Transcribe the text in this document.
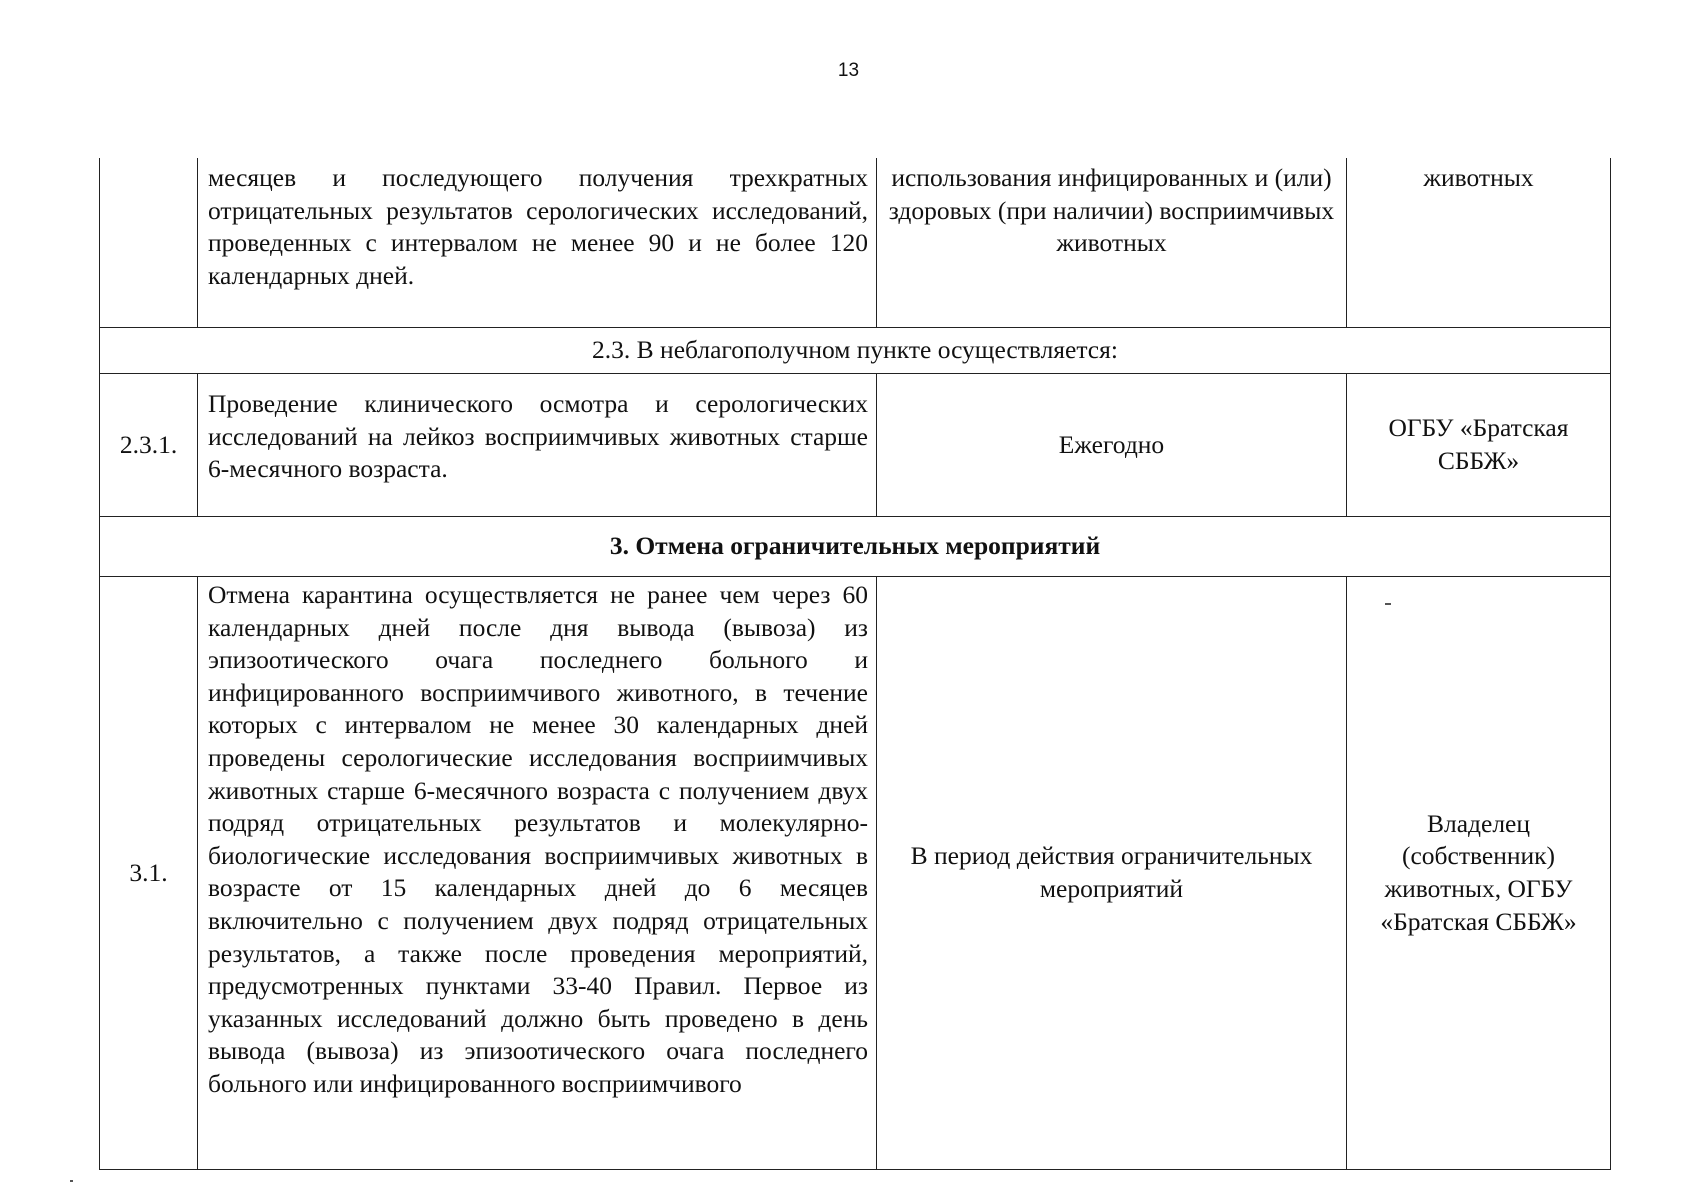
13

	месяцев и последующего получения трехкратных отрицательных результатов серологических исследований, проведенных с интервалом не менее 90 и не более 120 календарных дней.	использования инфицированных и (или) здоровых (при наличии) восприимчивых животных	животных
2.3. В неблагополучном пункте осуществляется:			
2.3.1.	Проведение клинического осмотра и серологических исследований на лейкоз восприимчивых животных старше 6-месячного возраста.	Ежегодно	ОГБУ «Братская СББЖ»
3. Отмена ограничительных мероприятий			
3.1.	Отмена карантина осуществляется не ранее чем через 60 календарных дней после дня вывода (вывоза) из эпизоотического очага последнего больного и инфицированного восприимчивого животного, в течение которых с интервалом не менее 30 календарных дней проведены серологические исследования восприимчивых животных старше 6-месячного возраста с получением двух подряд отрицательных результатов и молекулярно-биологические исследования восприимчивых животных в возрасте от 15 календарных дней до 6 месяцев включительно с получением двух подряд отрицательных результатов, а также после проведения мероприятий, предусмотренных пунктами 33-40 Правил. Первое из указанных исследований должно быть проведено в день вывода (вывоза) из эпизоотического очага последнего больного или инфицированного восприимчивого	В период действия ограничительных мероприятий	Владелец (собственник) животных, ОГБУ «Братская СББЖ»
